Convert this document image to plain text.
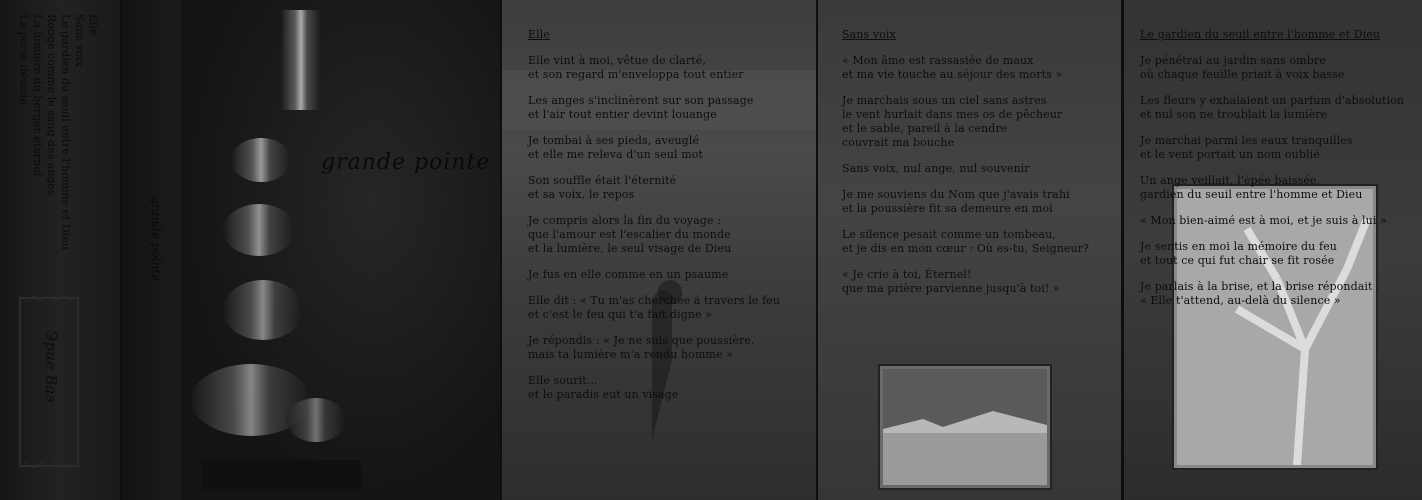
Elle
Sans voix
Le gardien du seuil entre l'homme et Dieu
Rouge comme le sang des anges
La lumière du berger éternel
La porte dévoile
Эрие Ваз
grande pointe
grande pointe
Elle
Elle vint à moi, vêtue de clarté,
et son regard m'enveloppa tout entier
Les anges s'inclinèrent sur son passage
et l'air tout entier devint louange
Je tombai à ses pieds, aveuglé
et elle me releva d'un seul mot
Son souffle était l'éternité
et sa voix, le repos
Je compris alors la fin du voyage :
que l'amour est l'escalier du monde
et la lumière, le seul visage de Dieu
Je fus en elle comme en un psaume
Elle dit : « Tu m'as cherchée à travers le feu
et c'est le feu qui t'a fait digne »
Je répondis : « Je ne suis que poussière,
mais ta lumière m'a rendu homme »
Elle sourit...
et le paradis eut un visage
Sans voix
« Mon âme est rassasiée de maux
et ma vie touche au séjour des morts »
Je marchais sous un ciel sans astres
le vent hurlait dans mes os de pêcheur
et le sable, pareil à la cendre
couvrait ma bouche
Sans voix, nul ange, nul souvenir
Je me souviens du Nom que j'avais trahi
et la poussière fit sa demeure en moi
Le silence pesait comme un tombeau,
et je dis en mon cœur : Où es-tu, Seigneur?
« Je crie à toi, Éternel!
que ma prière parvienne jusqu'à toi! »
Le gardien du seuil entre l'homme et Dieu
Je pénétrai au jardin sans ombre
où chaque feuille priait à voix basse
Les fleurs y exhalaient un parfum d'absolution
et nul son ne troublait la lumière
Je marchai parmi les eaux tranquilles
et le vent portait un nom oublié
Un ange veillait, l'épée baissée,
gardien du seuil entre l'homme et Dieu
« Mon bien-aimé est à moi, et je suis à lui »
Je sentis en moi la mémoire du feu
et tout ce qui fut chair se fit rosée
Je parlais à la brise, et la brise répondait :
« Elle t'attend, au-delà du silence »
